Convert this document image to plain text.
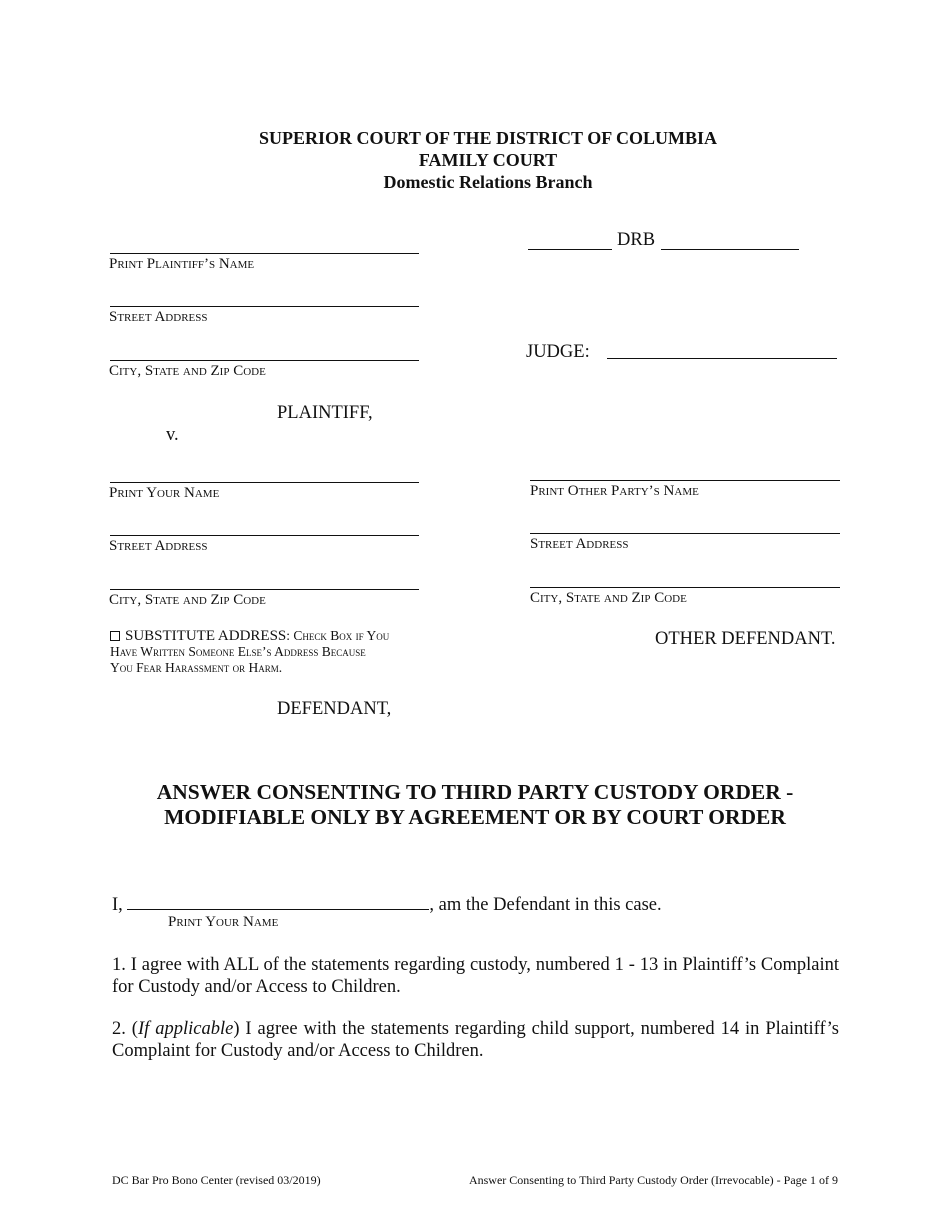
SUPERIOR COURT OF THE DISTRICT OF COLUMBIA
FAMILY COURT
Domestic Relations Branch
DRB
JUDGE:
Print Plaintiff’s Name
Street Address
City, State and Zip Code
PLAINTIFF,
v.
Print Your Name
Street Address
City, State and Zip Code
SUBSTITUTE ADDRESS: Check Box if You
Have Written Someone Else’s Address Because
You Fear Harassment or Harm.
DEFENDANT,
Print Other Party’s Name
Street Address
City, State and Zip Code
OTHER DEFENDANT.
ANSWER CONSENTING TO THIRD PARTY CUSTODY ORDER -
MODIFIABLE ONLY BY AGREEMENT OR BY COURT ORDER
I,	, am the Defendant in this case.
Print Your Name
1. I agree with ALL of the statements regarding custody, numbered 1 - 13 in Plaintiff’s Complaint for Custody and/or Access to Children.
2. (If applicable) I agree with the statements regarding child support, numbered 14 in Plaintiff’s Complaint for Custody and/or Access to Children.
DC Bar Pro Bono Center (revised 03/2019)	Answer Consenting to Third Party Custody Order (Irrevocable) - Page 1 of 9
